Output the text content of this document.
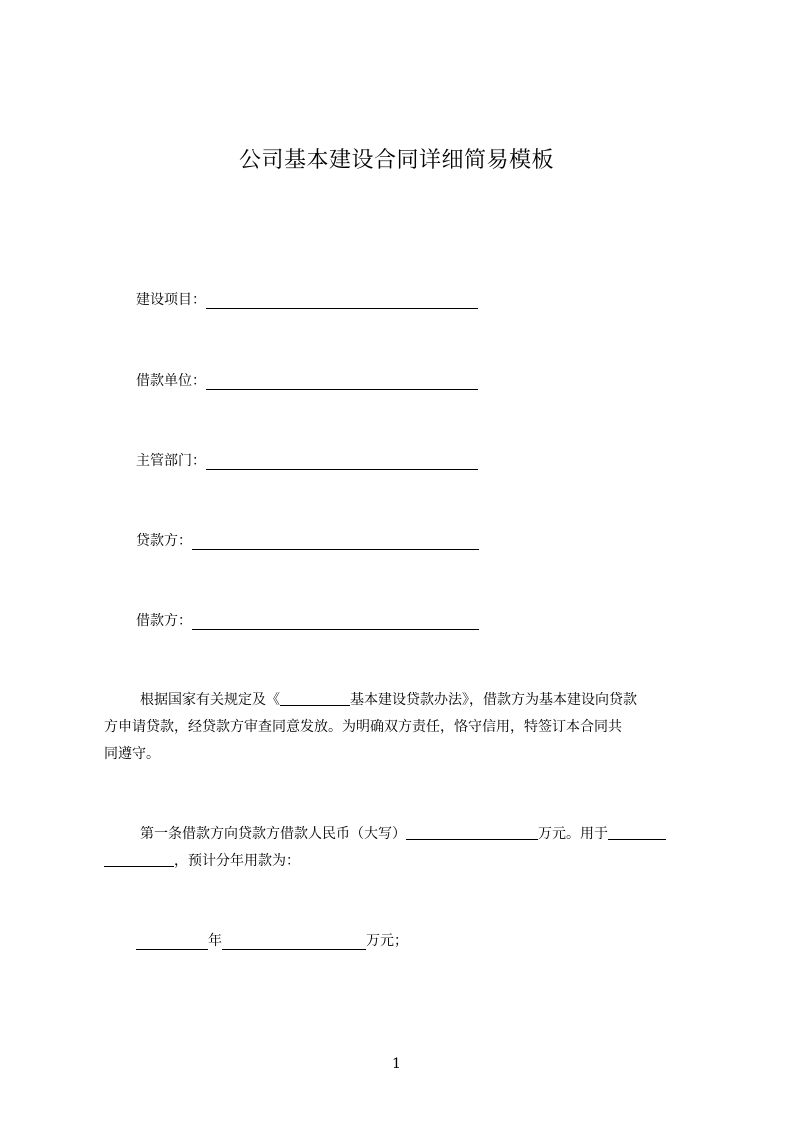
公司基本建设合同详细简易模板
建设项目：
借款单位：
主管部门：
贷款方：
借款方：
根据国家有关规定及《	基本建设贷款办法》，借款方为基本建设向贷款
方申请贷款，经贷款方审查同意发放。为明确双方责任，恪守信用，特签订本合同共
同遵守。
第一条借款方向贷款方借款人民币（大写）	万元。用于
，预计分年用款为：
年	万元；
1
